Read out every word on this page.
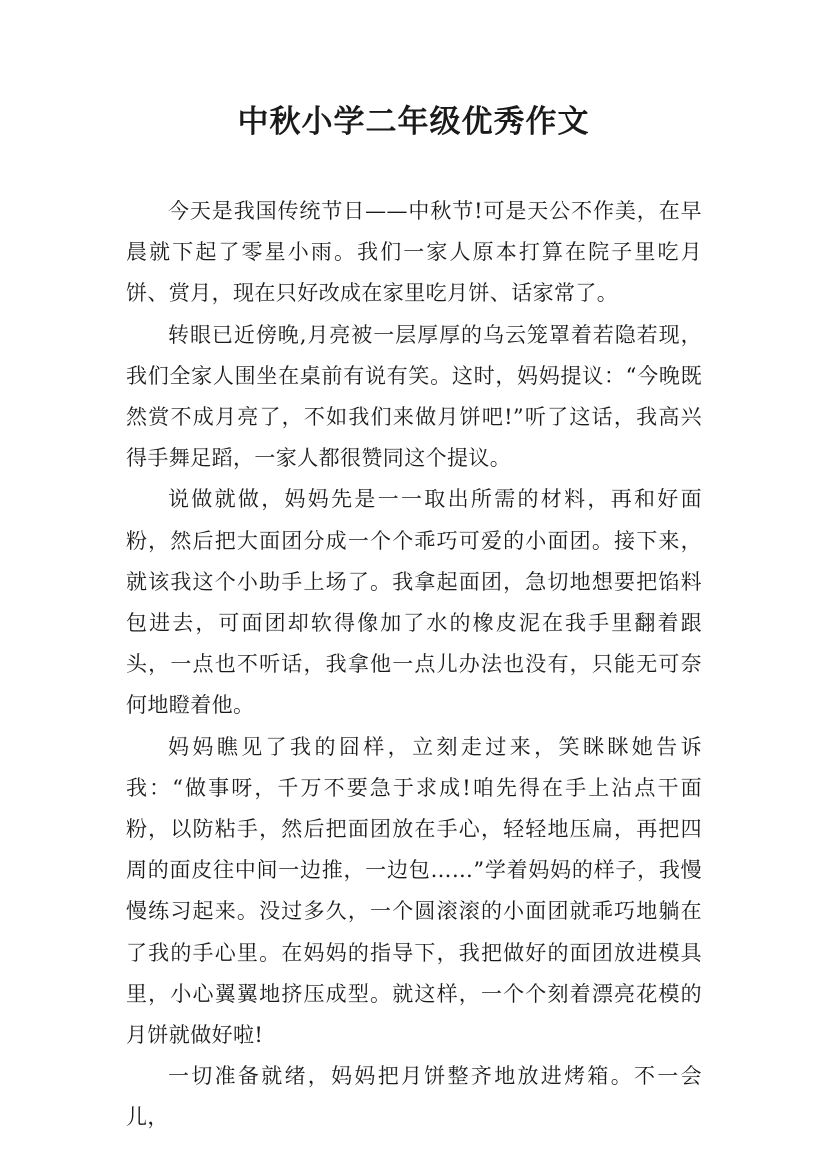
中秋小学二年级优秀作文

今天是我国传统节日——中秋节!可是天公不作美，在早晨就下起了零星小雨。我们一家人原本打算在院子里吃月饼、赏月，现在只好改成在家里吃月饼、话家常了。

转眼已近傍晚,月亮被一层厚厚的乌云笼罩着若隐若现，我们全家人围坐在桌前有说有笑。这时，妈妈提议：“今晚既然赏不成月亮了，不如我们来做月饼吧!”听了这话，我高兴得手舞足蹈，一家人都很赞同这个提议。

说做就做，妈妈先是一一取出所需的材料，再和好面粉，然后把大面团分成一个个乖巧可爱的小面团。接下来，就该我这个小助手上场了。我拿起面团，急切地想要把馅料包进去，可面团却软得像加了水的橡皮泥在我手里翻着跟头，一点也不听话，我拿他一点儿办法也没有，只能无可奈何地瞪着他。

妈妈瞧见了我的囧样，立刻走过来，笑眯眯她告诉我：“做事呀，千万不要急于求成!咱先得在手上沾点干面粉，以防粘手，然后把面团放在手心，轻轻地压扁，再把四周的面皮往中间一边推，一边包……”学着妈妈的样子，我慢慢练习起来。没过多久，一个圆滚滚的小面团就乖巧地躺在了我的手心里。在妈妈的指导下，我把做好的面团放进模具里，小心翼翼地挤压成型。就这样，一个个刻着漂亮花模的月饼就做好啦!

一切准备就绪，妈妈把月饼整齐地放进烤箱。不一会儿，
